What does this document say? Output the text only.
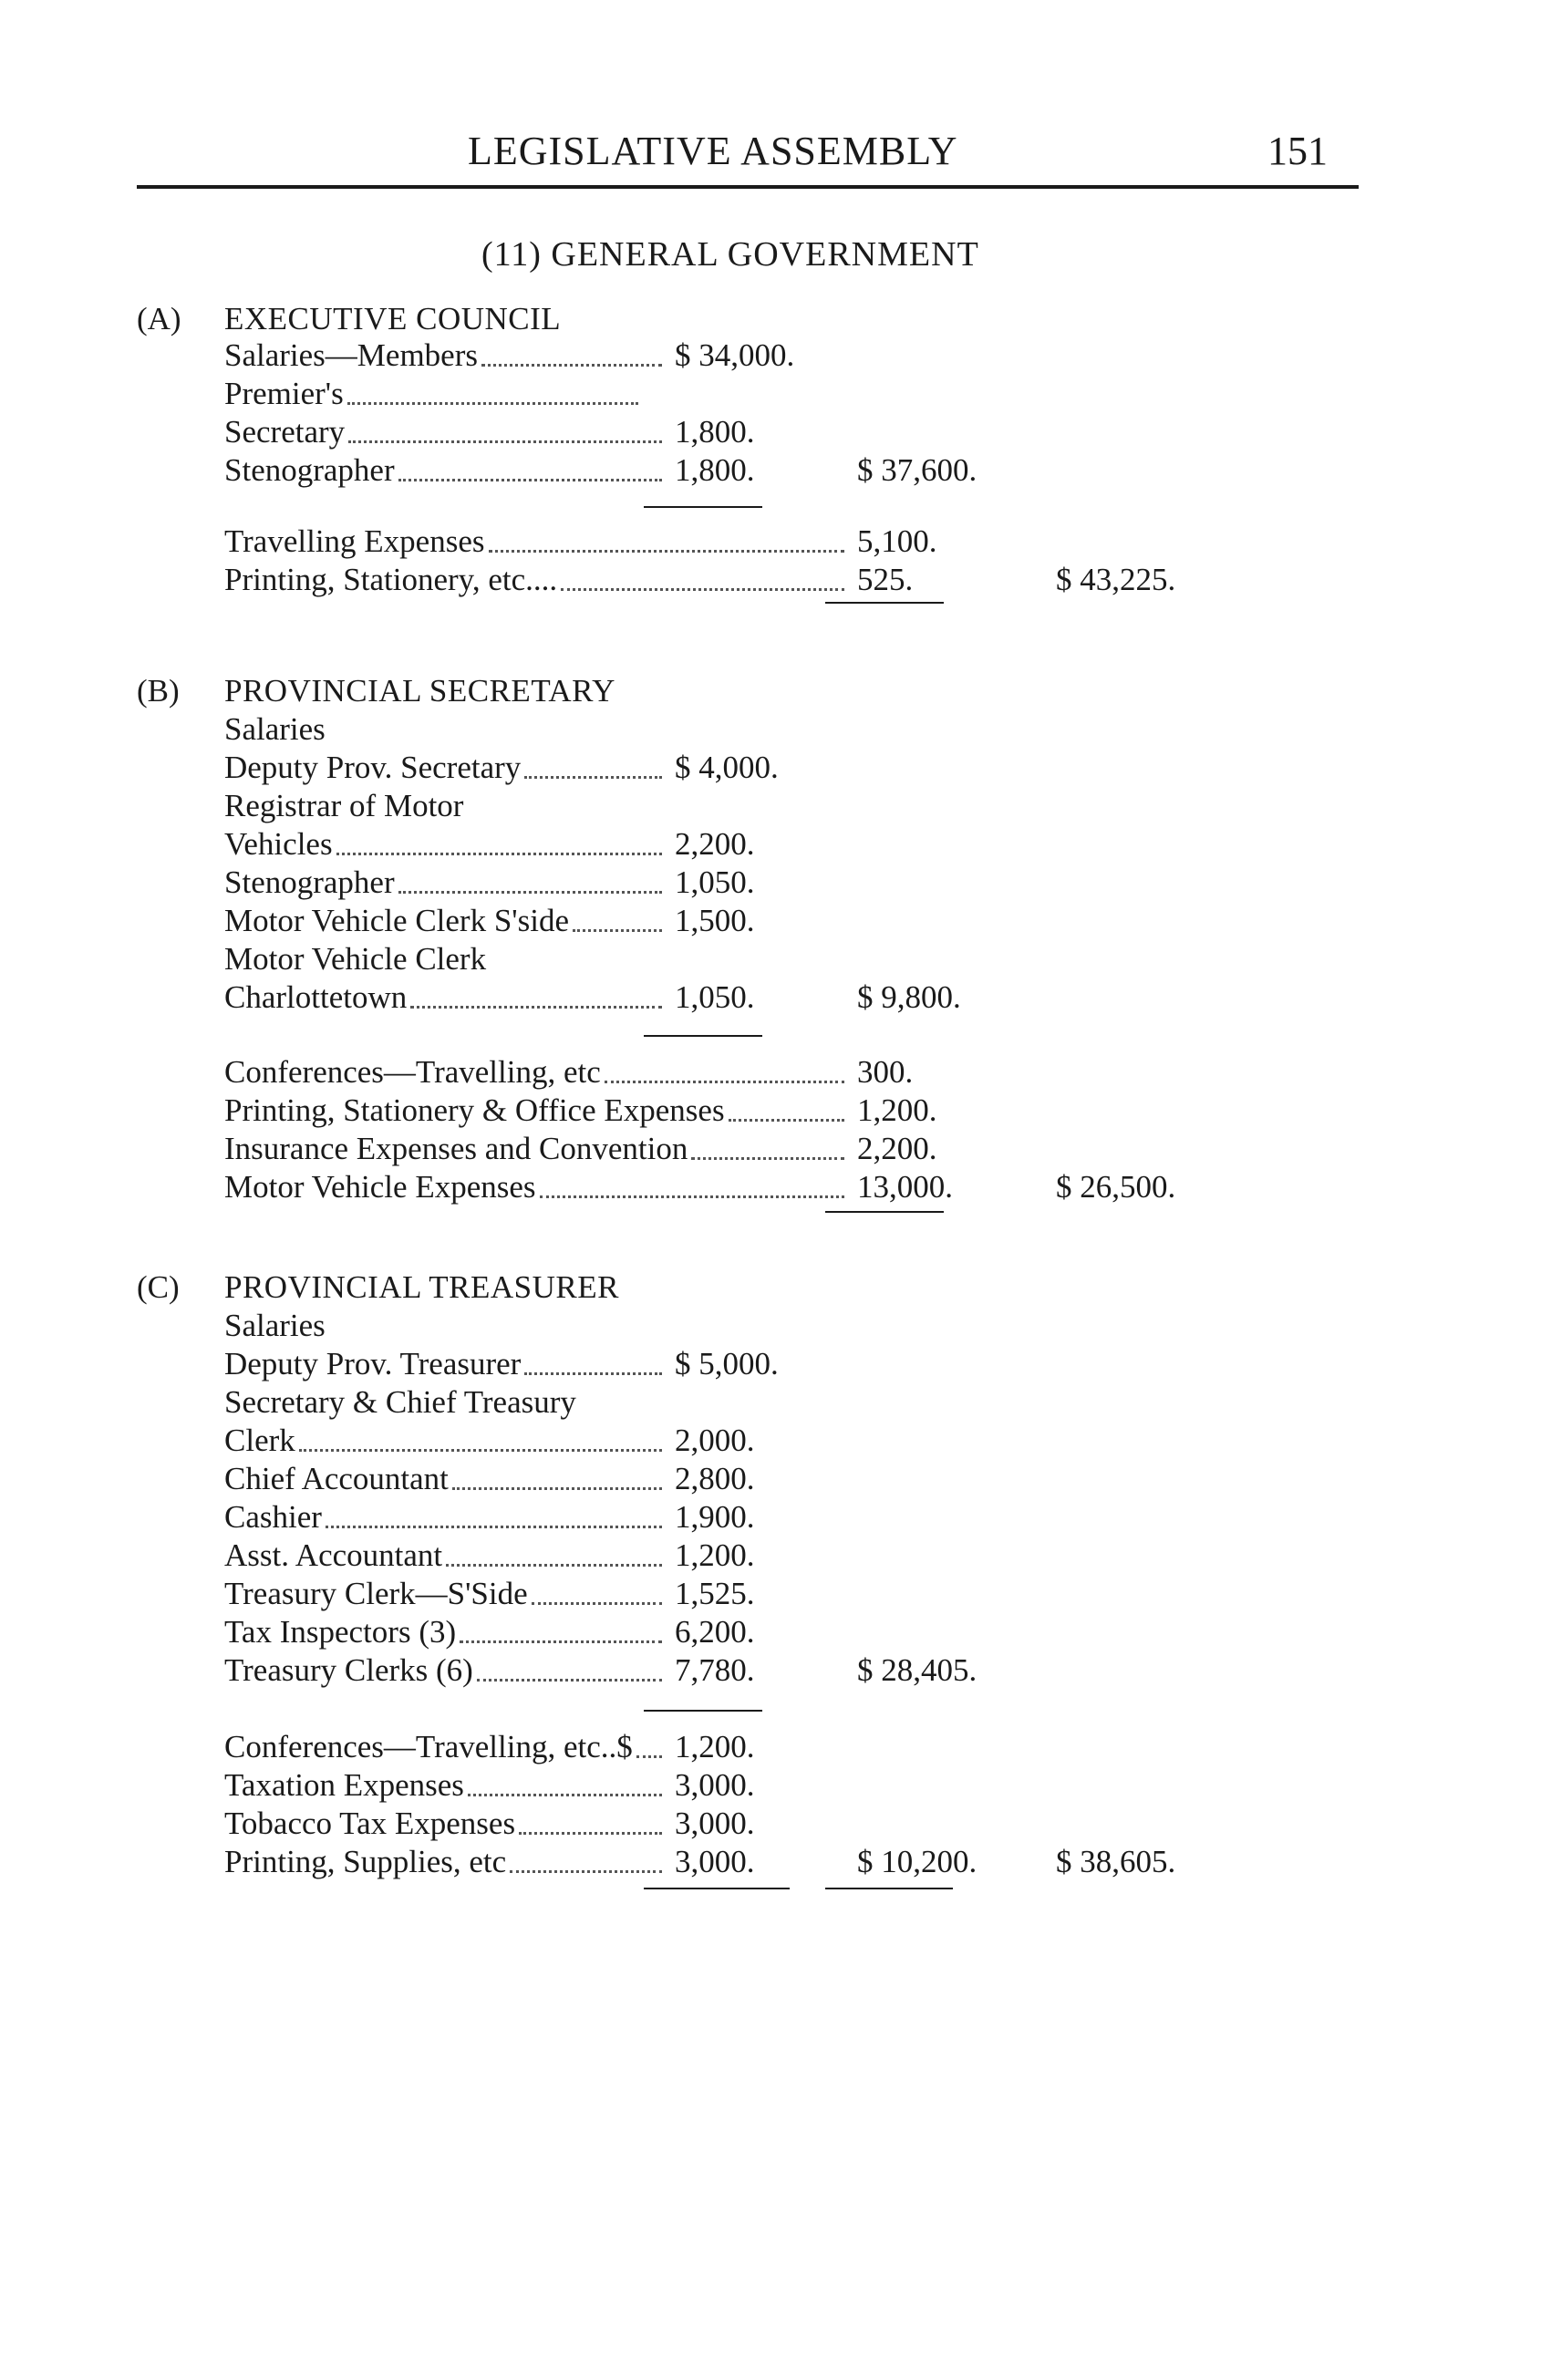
LEGISLATIVE ASSEMBLY	151
(11) GENERAL GOVERNMENT
(A) EXECUTIVE COUNCIL
Salaries—Members	$ 34,000.
Premier's
Secretary	1,800.
Stenographer	1,800.	$ 37,600.
Travelling Expenses	5,100.
Printing, Stationery, etc....	525.	$ 43,225.
(B) PROVINCIAL SECRETARY
Salaries
Deputy Prov. Secretary	$ 4,000.
Registrar of Motor
Vehicles	2,200.
Stenographer	1,050.
Motor Vehicle Clerk S'side	1,500.
Motor Vehicle Clerk
Charlottetown	1,050.	$ 9,800.
Conferences—Travelling, etc	300.
Printing, Stationery & Office Expenses	1,200.
Insurance Expenses and Convention	2,200.
Motor Vehicle Expenses	13,000.	$ 26,500.
(C) PROVINCIAL TREASURER
Salaries
Deputy Prov. Treasurer	$ 5,000.
Secretary & Chief Treasury
Clerk	2,000.
Chief Accountant	2,800.
Cashier	1,900.
Asst. Accountant	1,200.
Treasury Clerk—S'Side	1,525.
Tax Inspectors (3)	6,200.
Treasury Clerks (6)	7,780.	$ 28,405.
Conferences—Travelling, etc..$ 1,200.
Taxation Expenses	3,000.
Tobacco Tax Expenses	3,000.
Printing, Supplies, etc	3,000.	$ 10,200. $ 38,605.
